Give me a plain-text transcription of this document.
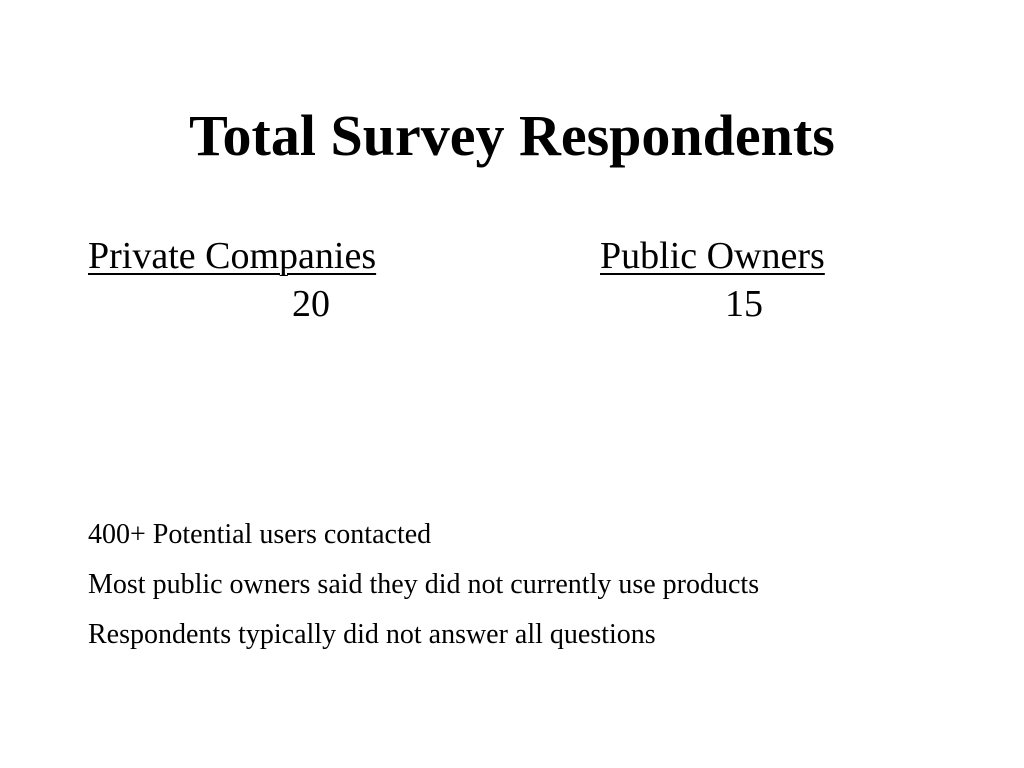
Total Survey Respondents
Private Companies
20
Public Owners
15
400+ Potential users contacted
Most public owners said they did not currently use products
Respondents typically did not answer all questions
